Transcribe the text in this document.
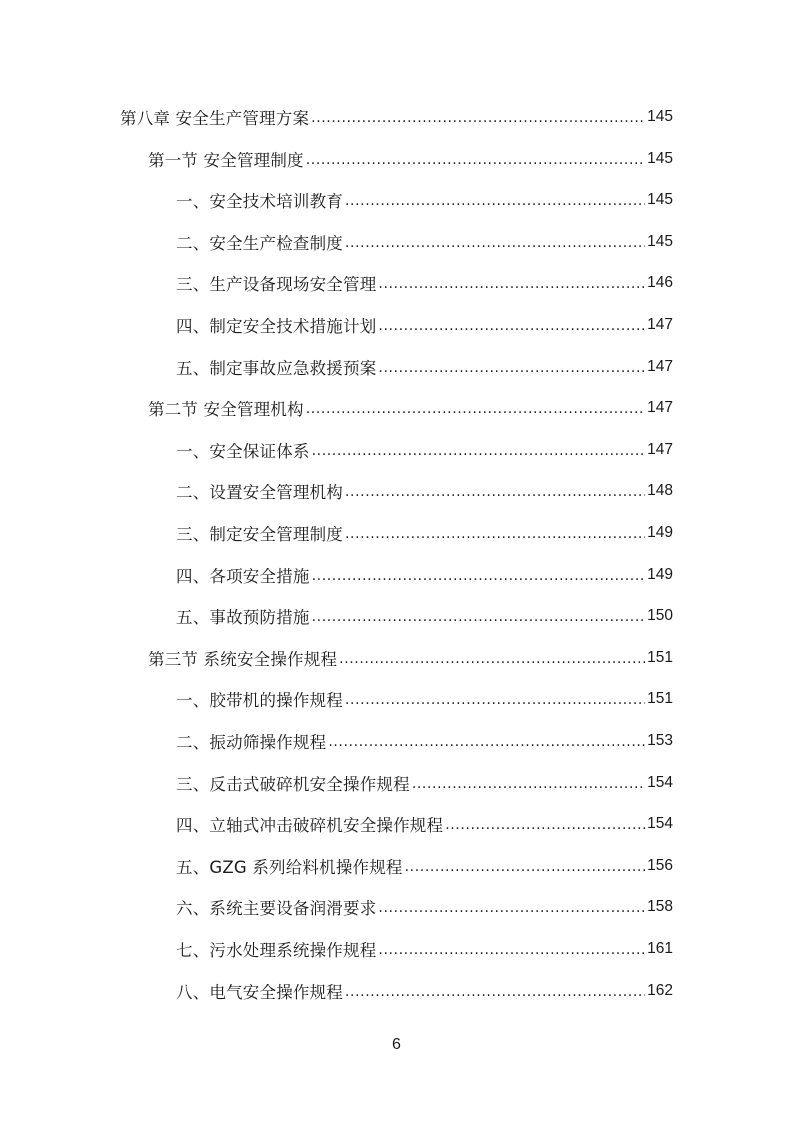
第八章 安全生产管理方案 .....	145
第一节 安全管理制度 .....	145
一、安全技术培训教育 .....	145
二、安全生产检查制度 .....	145
三、生产设备现场安全管理 .....	146
四、制定安全技术措施计划 .....	147
五、制定事故应急救援预案 .....	147
第二节 安全管理机构 .....	147
一、安全保证体系 .....	147
二、设置安全管理机构 .....	148
三、制定安全管理制度 .....	149
四、各项安全措施 .....	149
五、事故预防措施 .....	150
第三节 系统安全操作规程 .....	151
一、胶带机的操作规程 .....	151
二、振动筛操作规程 .....	153
三、反击式破碎机安全操作规程 .....	154
四、立轴式冲击破碎机安全操作规程 .....	154
五、GZG 系列给料机操作规程 .....	156
六、系统主要设备润滑要求 .....	158
七、污水处理系统操作规程 .....	161
八、电气安全操作规程 .....	162
6
